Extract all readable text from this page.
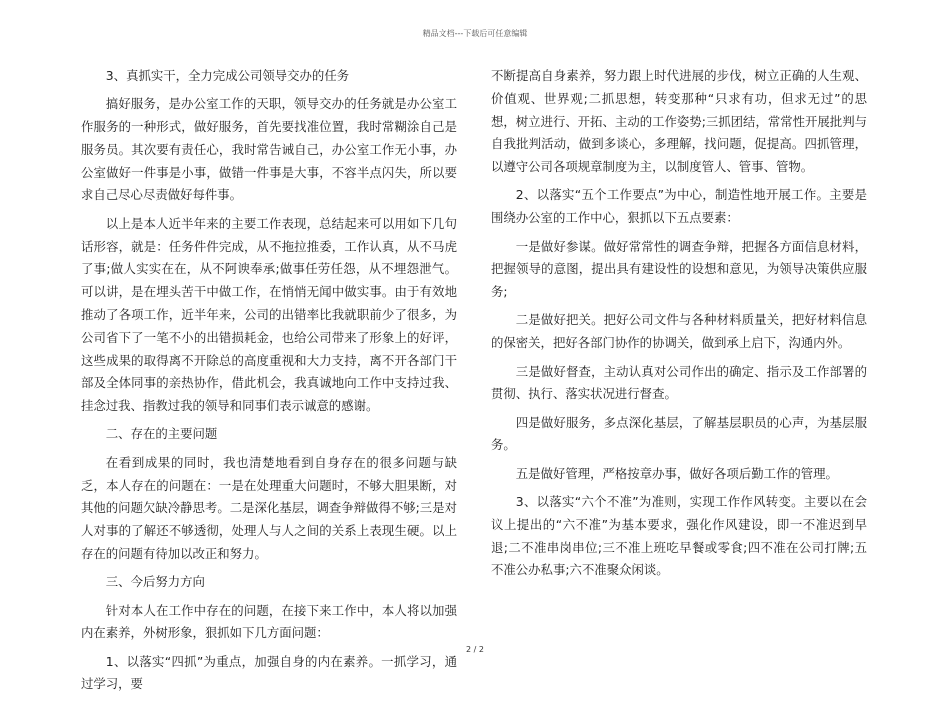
精品文档---下载后可任意编辑

3、真抓实干，全力完成公司领导交办的任务

搞好服务，是办公室工作的天职，领导交办的任务就是办公室工作服务的一种形式，做好服务，首先要找准位置，我时常糊涂自己是服务员。其次要有责任心，我时常告诫自己，办公室工作无小事，办公室做好一件事是小事，做错一件事是大事，不容半点闪失，所以要求自己尽心尽责做好每件事。

以上是本人近半年来的主要工作表现，总结起来可以用如下几句话形容，就是：任务件件完成，从不拖拉推委，工作认真，从不马虎了事;做人实实在在，从不阿谀奉承;做事任劳任怨，从不埋怨泄气。可以讲，是在埋头苦干中做工作，在悄悄无闻中做实事。由于有效地推动了各项工作，近半年来，公司的出错率比我就职前少了很多，为公司省下了一笔不小的出错损耗金，也给公司带来了形象上的好评，这些成果的取得离不开除总的高度重视和大力支持，离不开各部门干部及全体同事的亲热协作，借此机会，我真诚地向工作中支持过我、挂念过我、指教过我的领导和同事们表示诚意的感谢。

二、存在的主要问题

在看到成果的同时，我也清楚地看到自身存在的很多问题与缺乏，本人存在的问题在：一是在处理重大问题时，不够大胆果断，对其他的问题欠缺冷静思考。二是深化基层，调查争辩做得不够;三是对人对事的了解还不够透彻，处理人与人之间的关系上表现生硬。以上存在的问题有待加以改正和努力。

三、今后努力方向

针对本人在工作中存在的问题，在接下来工作中，本人将以加强内在素养，外树形象，狠抓如下几方面问题：

1、以落实“四抓”为重点，加强自身的内在素养。一抓学习，通过学习，要

不断提高自身素养，努力跟上时代进展的步伐，树立正确的人生观、价值观、世界观;二抓思想，转变那种“只求有功，但求无过”的思想，树立进行、开拓、主动的工作姿势;三抓团结，常常性开展批判与自我批判活动，做到多谈心，多理解，找问题，促提高。四抓管理，以遵守公司各项规章制度为主，以制度管人、管事、管物。

2、以落实“五个工作要点”为中心，制造性地开展工作。主要是围绕办公室的工作中心，狠抓以下五点要素：

一是做好参谋。做好常常性的调查争辩，把握各方面信息材料，把握领导的意图，提出具有建设性的设想和意见，为领导决策供应服务;

二是做好把关。把好公司文件与各种材料质量关，把好材料信息的保密关，把好各部门协作的协调关，做到承上启下，沟通内外。

三是做好督查，主动认真对公司作出的确定、指示及工作部署的贯彻、执行、落实状况进行督查。

四是做好服务，多点深化基层，了解基层职员的心声，为基层服务。

五是做好管理，严格按章办事，做好各项后勤工作的管理。

3、以落实“六个不准”为准则，实现工作作风转变。主要以在会议上提出的“六不准”为基本要求，强化作风建设，即一不准迟到早退;二不准串岗串位;三不准上班吃早餐或零食;四不准在公司打牌;五不准公办私事;六不准聚众闲谈。

2 / 2
